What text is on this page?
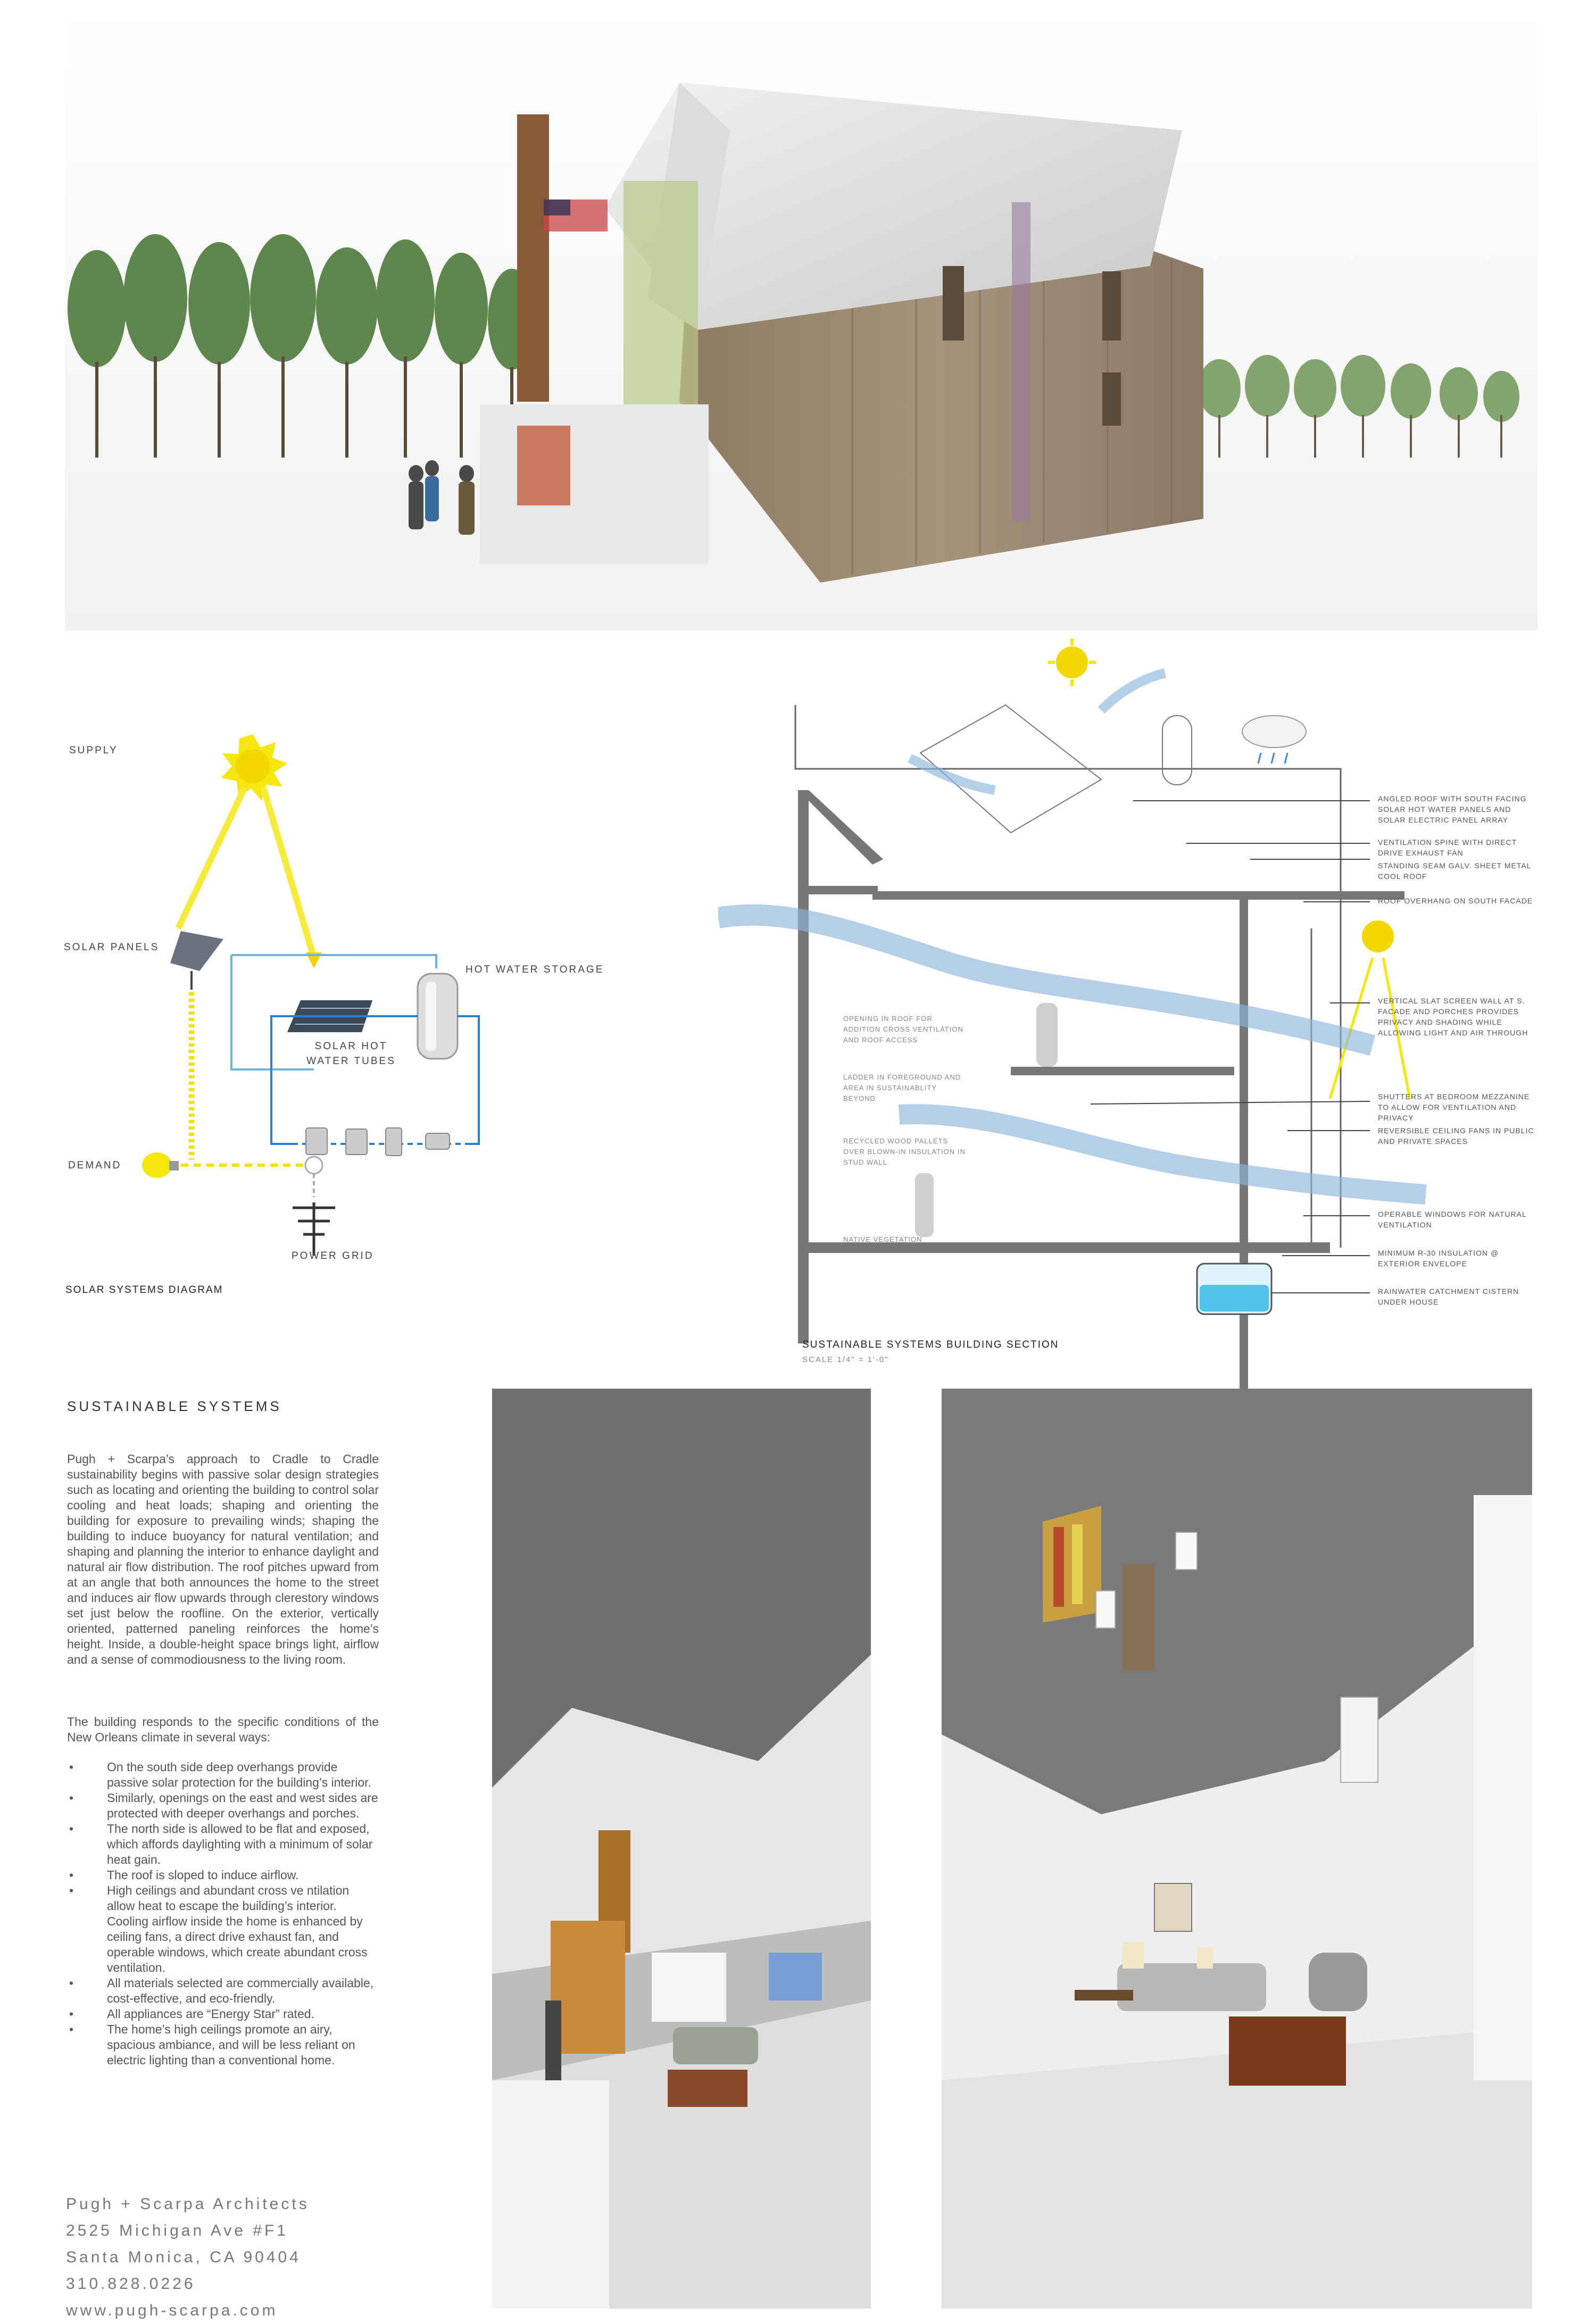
SUPPLY
SOLAR PANELS
HOT WATER STORAGE
SOLAR HOT WATER TUBES
DEMAND
POWER GRID
SOLAR SYSTEMS DIAGRAM
ANGLED ROOF WITH SOUTH FACING SOLAR HOT WATER PANELS AND SOLAR ELECTRIC PANEL ARRAY
VENTILATION SPINE WITH DIRECT DRIVE EXHAUST FAN
STANDING SEAM GALV. SHEET METAL COOL ROOF
ROOF OVERHANG ON SOUTH FACADE
VERTICAL SLAT SCREEN WALL AT S. FACADE AND PORCHES PROVIDES PRIVACY AND SHADING WHILE ALLOWING LIGHT AND AIR THROUGH
SHUTTERS AT BEDROOM MEZZANINE TO ALLOW FOR VENTILATION AND PRIVACY
REVERSIBLE CEILING FANS IN PUBLIC AND PRIVATE SPACES
OPERABLE WINDOWS FOR NATURAL VENTILATION
MINIMUM R-30 INSULATION @ EXTERIOR ENVELOPE
RAINWATER CATCHMENT CISTERN UNDER HOUSE
OPENING IN ROOF FOR ADDITION CROSS VENTILATION AND ROOF ACCESS
LADDER IN FOREGROUND AND AREA IN SUSTAINABLITY BEYOND
RECYCLED WOOD PALLETS OVER BLOWN-IN INSULATION IN STUD WALL
NATIVE VEGETATION
SUSTAINABLE SYSTEMS BUILDING SECTION
SCALE 1/4" = 1'-0"
SUSTAINABLE SYSTEMS
Pugh + Scarpa’s approach to Cradle to Cradle sustainability begins with passive solar design strategies such as locating and orienting the building to control solar cooling and heat loads; shaping and orienting the building for exposure to prevailing winds; shaping the building to induce buoyancy for natural ventilation; and shaping and planning the interior to enhance daylight and natural air flow distribution. The roof pitches upward from at an angle that both announces the home to the street and induces air flow upwards through clerestory windows set just below the roofline. On the exterior, vertically oriented, patterned paneling reinforces the home’s height. Inside, a double-height space brings light, airflow and a sense of commodiousness to the living room.
The building responds to the specific conditions of the New Orleans climate in several ways:
• On the south side deep overhangs provide passive solar protection for the building’s interior.
• Similarly, openings on the east and west sides are protected with deeper overhangs and porches.
• The north side is allowed to be flat and exposed, which affords daylighting with a minimum of solar heat gain.
• The roof is sloped to induce airflow.
• High ceilings and abundant cross ve ntilation allow heat to escape the building’s interior. Cooling airflow inside the home is enhanced by ceiling fans, a direct drive exhaust fan, and operable windows, which create abundant cross ventilation.
• All materials selected are commercially available, cost-effective, and eco-friendly.
• All appliances are “Energy Star” rated.
• The home’s high ceilings promote an airy, spacious ambiance, and will be less reliant on electric lighting than a conventional home.
Pugh + Scarpa Architects
2525 Michigan Ave #F1
Santa Monica, CA 90404
310.828.0226
www.pugh-scarpa.com
